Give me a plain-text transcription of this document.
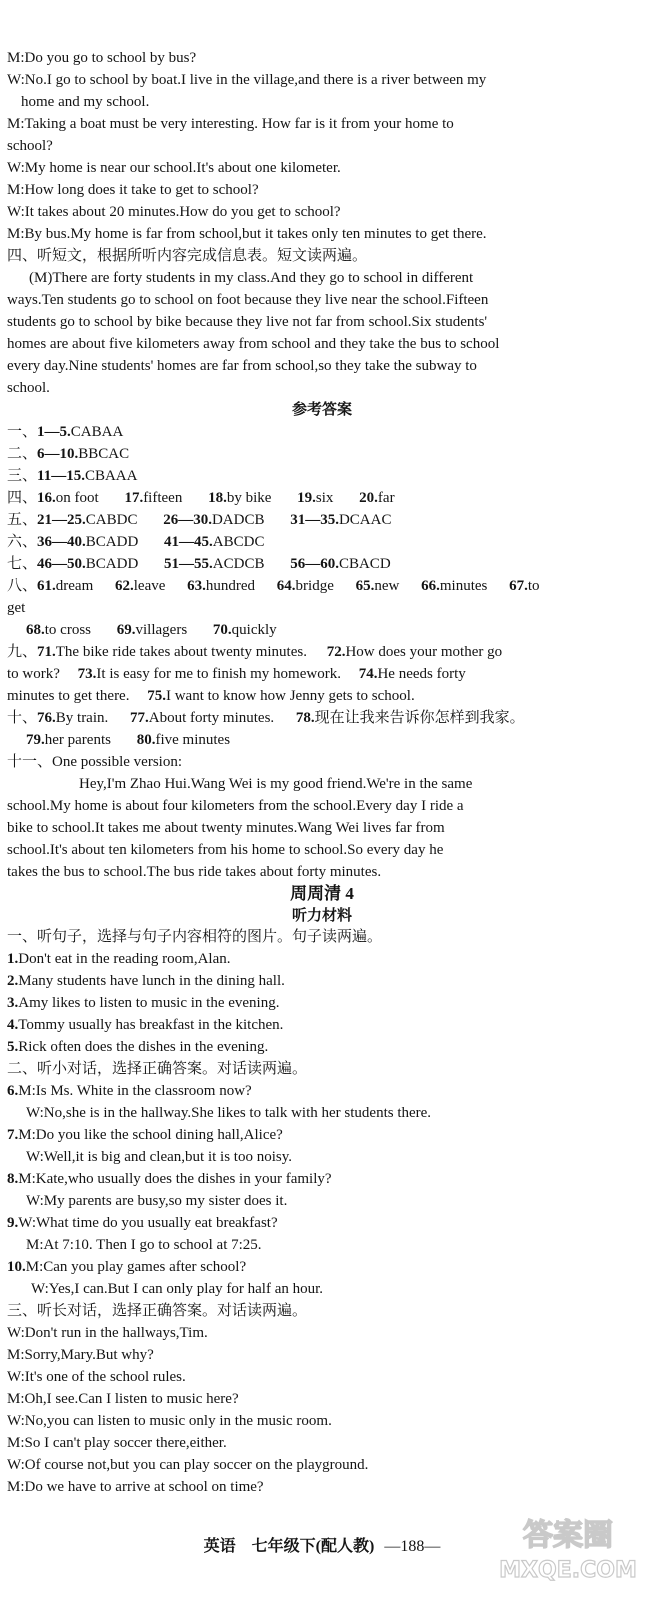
M:Do you go to school by bus?
W:No.I go to school by boat.I live in the village,and there is a river between my
home and my school.
M:Taking a boat must be very interesting. How far is it from your home to
school?
W:My home is near our school.It's about one kilometer.
M:How long does it take to get to school?
W:It takes about 20 minutes.How do you get to school?
M:By bus.My home is far from school,but it takes only ten minutes to get there.
四、听短文，根据所听内容完成信息表。短文读两遍。
(M)There are forty students in my class.And they go to school in different
ways.Ten students go to school on foot because they live near the school.Fifteen
students go to school by bike because they live not far from school.Six students'
homes are about five kilometers away from school and they take the bus to school
every day.Nine students' homes are far from school,so they take the subway to
school.
参考答案
一、1—5.CABAA
二、6—10.BBCAC
三、11—15.CBAAA
四、16.on foot 17.fifteen 18.by bike 19.six 20.far
五、21—25.CABDC 26—30.DADCB 31—35.DCAAC
六、36—40.BCADD 41—45.ABCDC
七、46—50.BCADD 51—55.ACDCB 56—60.CBACD
八、61.dream 62.leave 63.hundred 64.bridge 65.new 66.minutes 67.to
get
68.to cross 69.villagers 70.quickly
九、71.The bike ride takes about twenty minutes. 72.How does your mother go
to work? 73.It is easy for me to finish my homework. 74.He needs forty
minutes to get there. 75.I want to know how Jenny gets to school.
十、76.By train. 77.About forty minutes. 78.现在让我来告诉你怎样到我家。
79.her parents 80.five minutes
十一、One possible version:
Hey,I'm Zhao Hui.Wang Wei is my good friend.We're in the same
school.My home is about four kilometers from the school.Every day I ride a
bike to school.It takes me about twenty minutes.Wang Wei lives far from
school.It's about ten kilometers from his home to school.So every day he
takes the bus to school.The bus ride takes about forty minutes.
周周清 4
听力材料
一、听句子，选择与句子内容相符的图片。句子读两遍。
1.Don't eat in the reading room,Alan.
2.Many students have lunch in the dining hall.
3.Amy likes to listen to music in the evening.
4.Tommy usually has breakfast in the kitchen.
5.Rick often does the dishes in the evening.
二、听小对话，选择正确答案。对话读两遍。
6.M:Is Ms. White in the classroom now?
W:No,she is in the hallway.She likes to talk with her students there.
7.M:Do you like the school dining hall,Alice?
W:Well,it is big and clean,but it is too noisy.
8.M:Kate,who usually does the dishes in your family?
W:My parents are busy,so my sister does it.
9.W:What time do you usually eat breakfast?
M:At 7:10. Then I go to school at 7:25.
10.M:Can you play games after school?
W:Yes,I can.But I can only play for half an hour.
三、听长对话，选择正确答案。对话读两遍。
W:Don't run in the hallways,Tim.
M:Sorry,Mary.But why?
W:It's one of the school rules.
M:Oh,I see.Can I listen to music here?
W:No,you can listen to music only in the music room.
M:So I can't play soccer there,either.
W:Of course not,but you can play soccer on the playground.
M:Do we have to arrive at school on time?
英语 七年级下(配人教) —188—	答案圈
MXQE.COM
